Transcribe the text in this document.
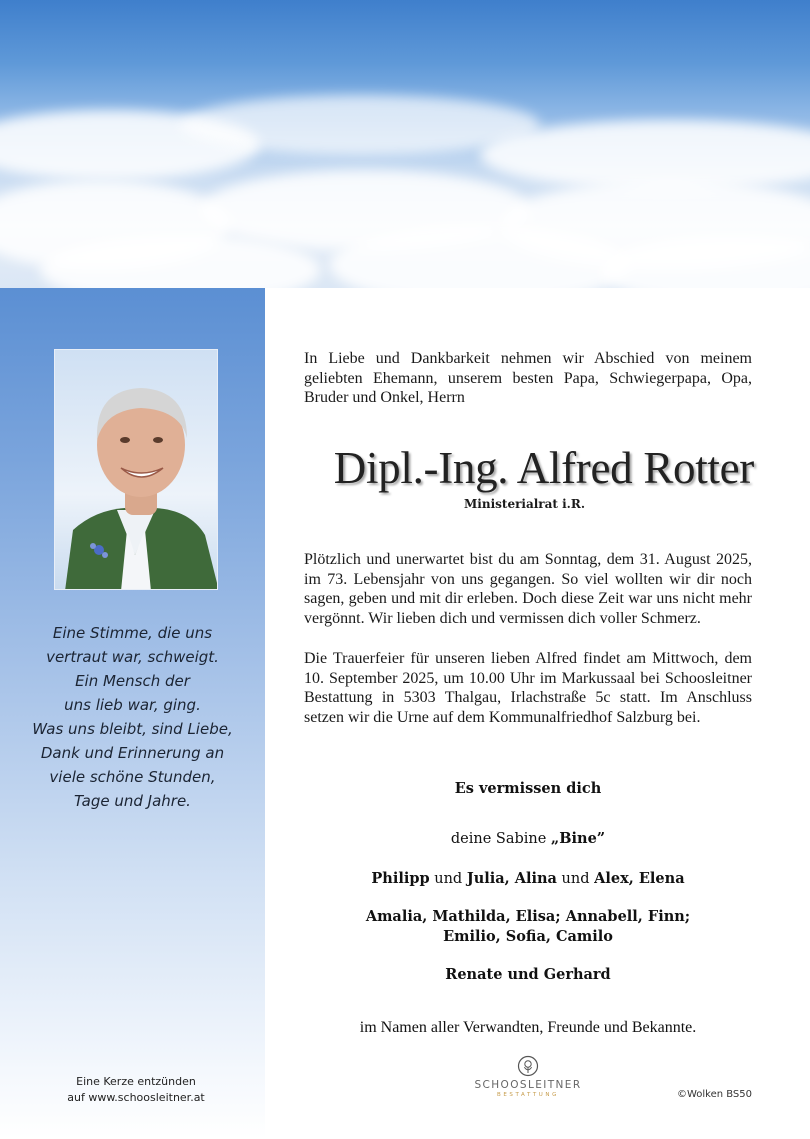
Eine Stimme, die uns
vertraut war, schweigt.
Ein Mensch der
uns lieb war, ging.
Was uns bleibt, sind Liebe,
Dank und Erinnerung an
viele schöne Stunden,
Tage und Jahre.
Eine Kerze entzünden
auf www.schoosleitner.at

In Liebe und Dankbarkeit nehmen wir Abschied von meinem geliebten Ehemann, unserem besten Papa, Schwiegerpapa, Opa, Bruder und Onkel, Herrn

Dipl.-Ing. Alfred Rotter
Ministerialrat i.R.

Plötzlich und unerwartet bist du am Sonntag, dem 31. August 2025, im 73. Lebensjahr von uns gegangen. So viel wollten wir dir noch sagen, geben und mit dir erleben. Doch diese Zeit war uns nicht mehr vergönnt. Wir lieben dich und vermissen dich voller Schmerz.

Die Trauerfeier für unseren lieben Alfred findet am Mittwoch, dem 10. September 2025, um 10.00 Uhr im Markussaal bei Schoosleitner Bestattung in 5303 Thalgau, Irlachstraße 5c statt. Im Anschluss setzen wir die Urne auf dem Kommunalfriedhof Salzburg bei.

Es vermissen dich
deine Sabine „Bine”
Philipp und Julia, Alina und Alex, Elena
Amalia, Mathilda, Elisa; Annabell, Finn;
Emilio, Sofia, Camilo
Renate und Gerhard
im Namen aller Verwandten, Freunde und Bekannte.
SCHOOSLEITNER
BESTATTUNG	©Wolken BS50
